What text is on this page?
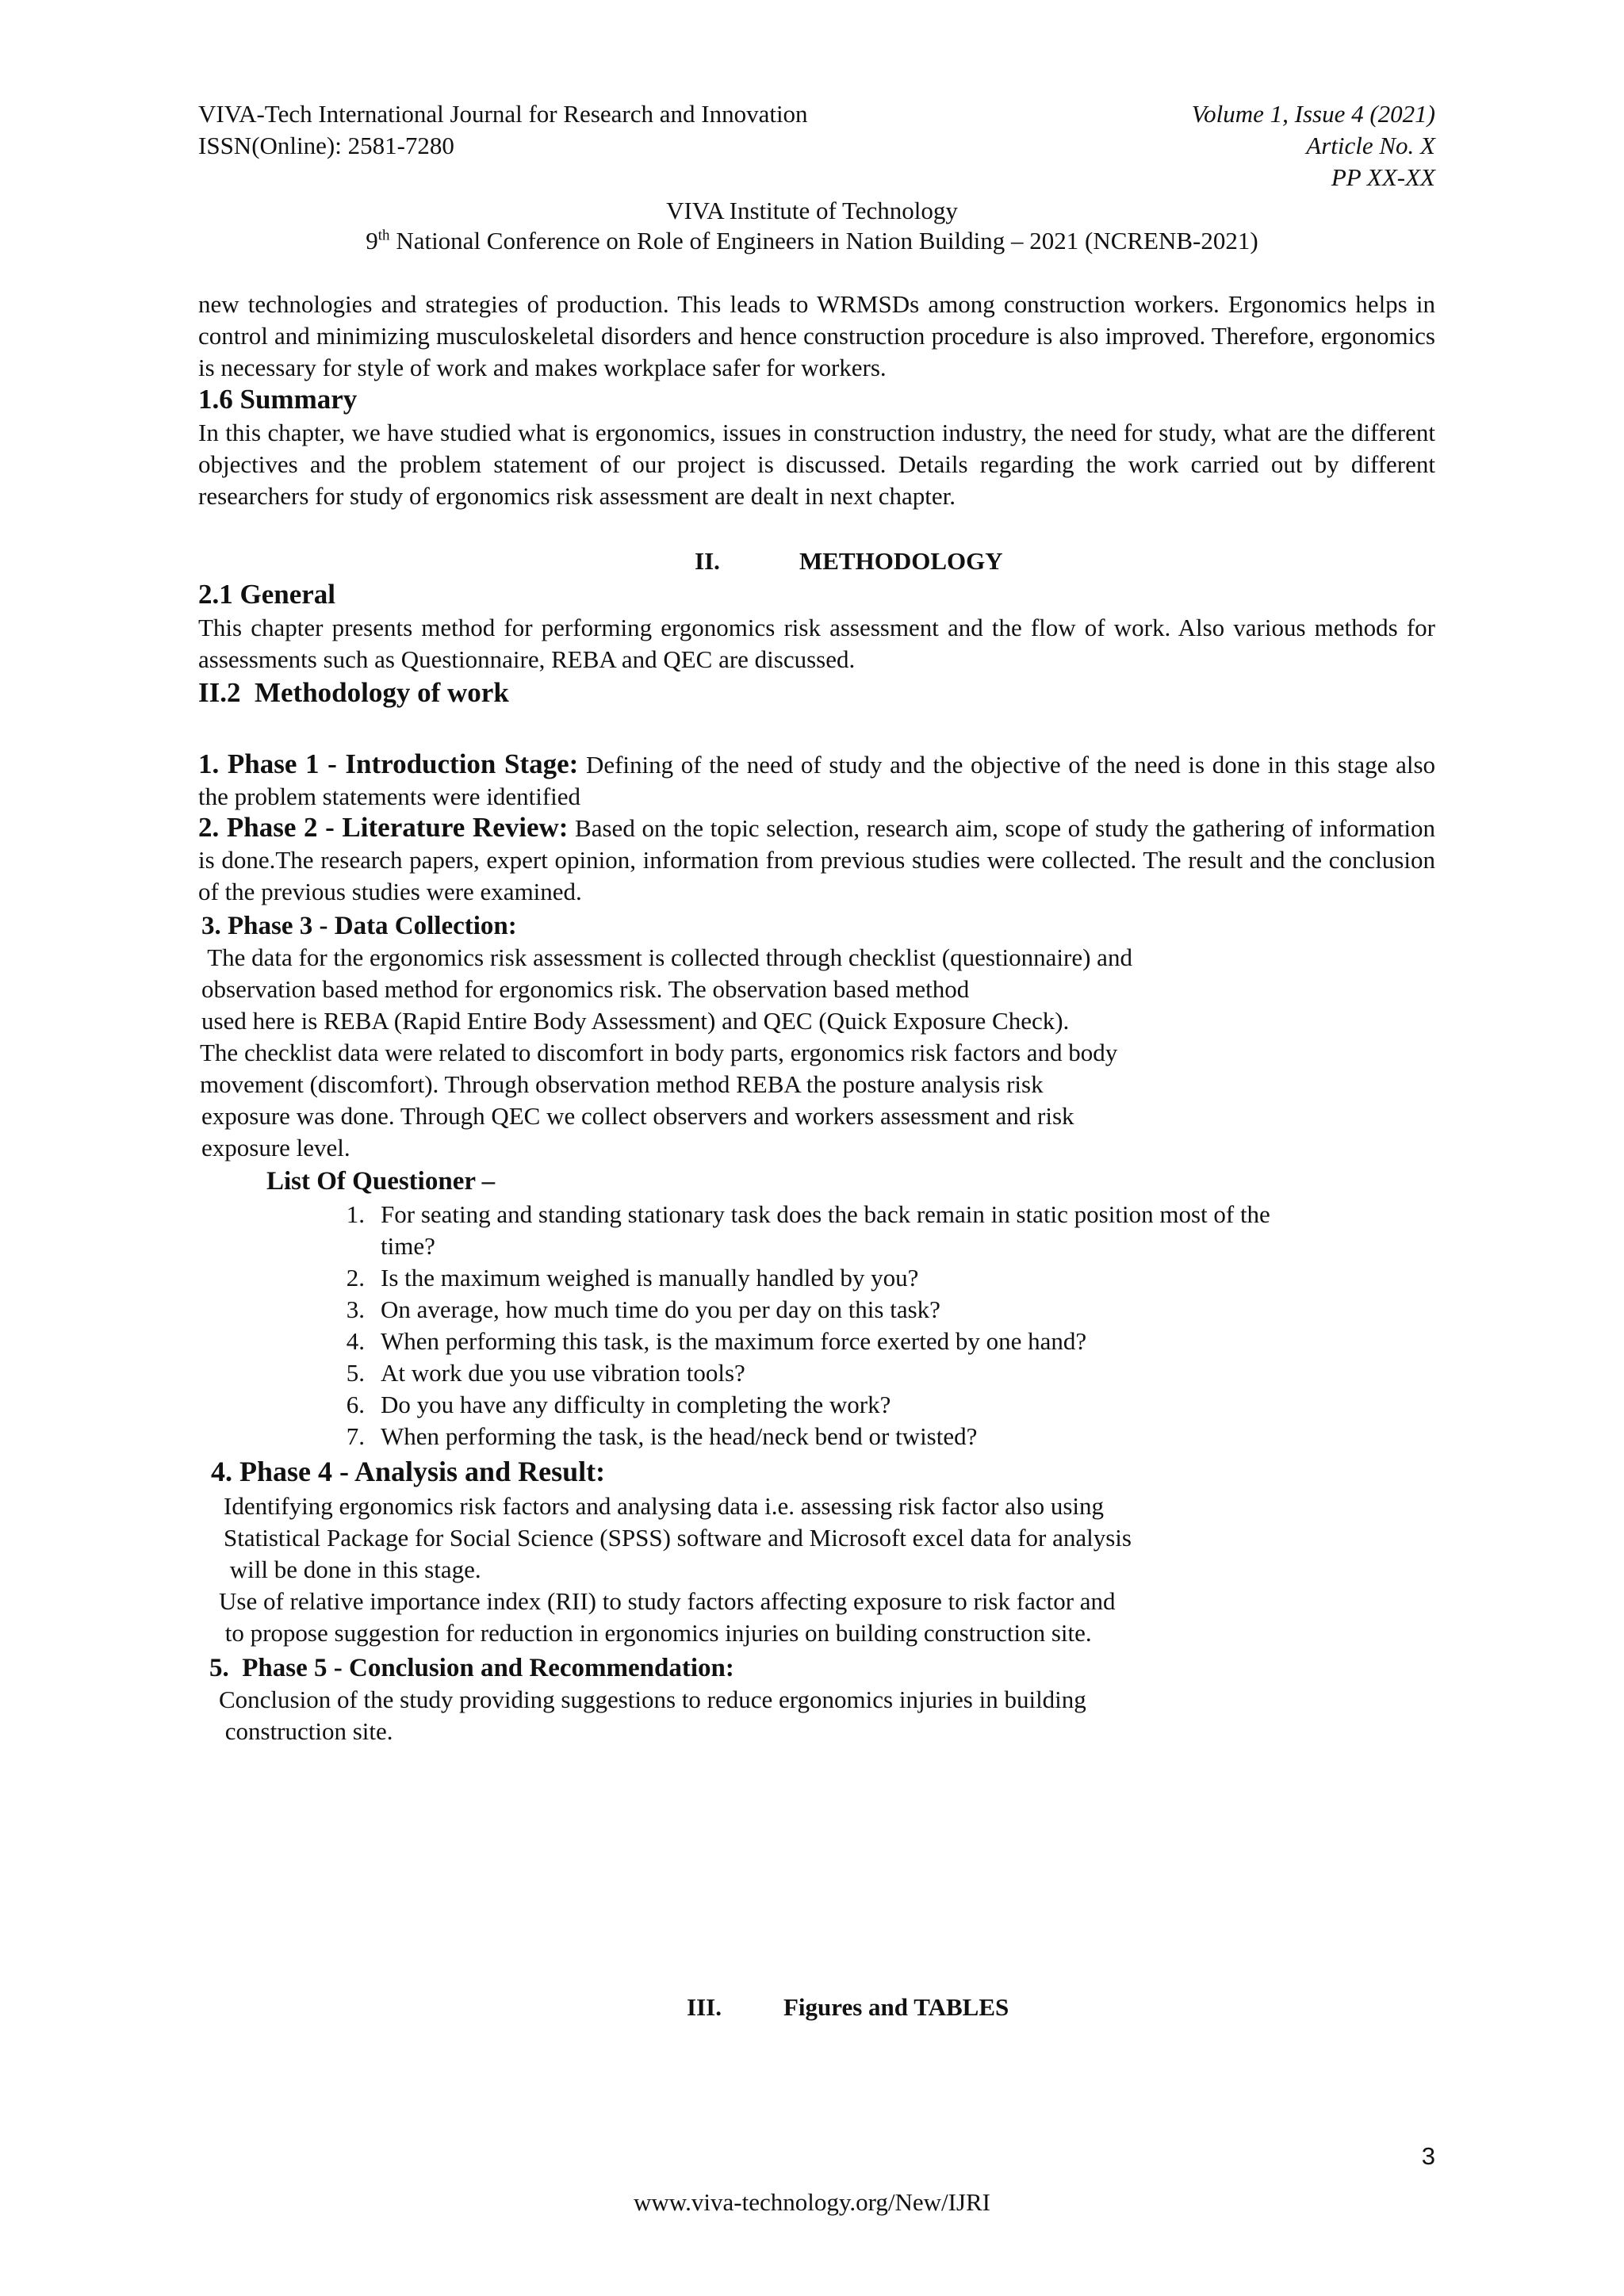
VIVA-Tech International Journal for Research and Innovation
ISSN(Online): 2581-7280
Volume 1, Issue 4 (2021)
Article No. X
PP XX-XX
VIVA Institute of Technology
9th National Conference on Role of Engineers in Nation Building – 2021 (NCRENB-2021)
new technologies and strategies of production. This leads to WRMSDs among construction workers. Ergonomics helps in control and minimizing musculoskeletal disorders and hence construction procedure is also improved. Therefore, ergonomics is necessary for style of work and makes workplace safer for workers.
1.6 Summary
In this chapter, we have studied what is ergonomics, issues in construction industry, the need for study, what are the different objectives and the problem statement of our project is discussed. Details regarding the work carried out by different researchers for study of ergonomics risk assessment are dealt in next chapter.
II.	METHODOLOGY
2.1 General
This chapter presents method for performing ergonomics risk assessment and the flow of work. Also various methods for assessments such as Questionnaire, REBA and QEC are discussed.
II.2  Methodology of work
1. Phase 1 - Introduction Stage: Defining of the need of study and the objective of the need is done in this stage also the problem statements were identified
2. Phase 2 - Literature Review: Based on the topic selection, research aim, scope of study the gathering of information is done.The research papers, expert opinion, information from previous studies were collected. The result and the conclusion of the previous studies were examined.
3. Phase 3 - Data Collection:
The data for the ergonomics risk assessment is collected through checklist (questionnaire) and
observation based method for ergonomics risk. The observation based method
used here is REBA (Rapid Entire Body Assessment) and QEC (Quick Exposure Check).
The checklist data were related to discomfort in body parts, ergonomics risk factors and body
movement (discomfort). Through observation method REBA the posture analysis risk
exposure was done. Through QEC we collect observers and workers assessment and risk
exposure level.
List Of Questioner –
1. For seating and standing stationary task does the back remain in static position most of the
time?
2. Is the maximum weighed is manually handled by you?
3. On average, how much time do you per day on this task?
4. When performing this task, is the maximum force exerted by one hand?
5. At work due you use vibration tools?
6. Do you have any difficulty in completing the work?
7. When performing the task, is the head/neck bend or twisted?
4. Phase 4 - Analysis and Result:
Identifying ergonomics risk factors and analysing data i.e. assessing risk factor also using
Statistical Package for Social Science (SPSS) software and Microsoft excel data for analysis
will be done in this stage.
Use of relative importance index (RII) to study factors affecting exposure to risk factor and
to propose suggestion for reduction in ergonomics injuries on building construction site.
5.  Phase 5 - Conclusion and Recommendation:
Conclusion of the study providing suggestions to reduce ergonomics injuries in building
construction site.
III.	Figures and TABLES
3
www.viva-technology.org/New/IJRI
